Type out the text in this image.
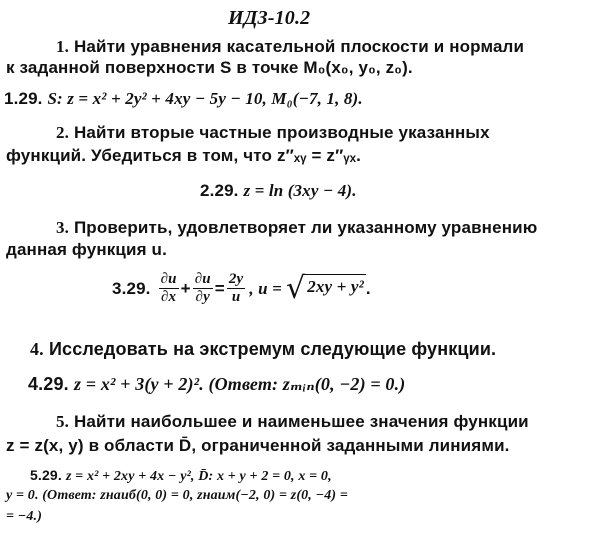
ИДЗ-10.2
1. Найти уравнения касательной плоскости и нормали
к заданной поверхности S в точке M₀(x₀, y₀, z₀).
1.29. S: z = x² + 2y² + 4xy − 5y − 10, M₀(−7, 1, 8).
2. Найти вторые частные производные указанных
функций. Убедиться в том, что z″ₓᵧ = z″ᵧₓ.
2.29. z = ln (3xy − 4).
3. Проверить, удовлетворяет ли указанному уравнению
данная функция u.
3.29. $\frac{\partial u}{\partial x} + \frac{\partial u}{\partial y} = \frac{2y}{u}$ , u = √ 2xy + y² .
4. Исследовать на экстремум следующие функции.
4.29. z = x² + 3(y + 2)². (Ответ: zₘᵢₙ(0, −2) = 0.)
5. Найти наибольшее и наименьшее значения функции
z = z(x, y) в области D̄, ограниченной заданными линиями.
5.29. z = x² + 2xy + 4x − y², D̄: x + y + 2 = 0, x = 0,
y = 0. (Ответ: zнаиб(0, 0) = 0, zнаим(−2, 0) = z(0, −4) =
= −4.)
